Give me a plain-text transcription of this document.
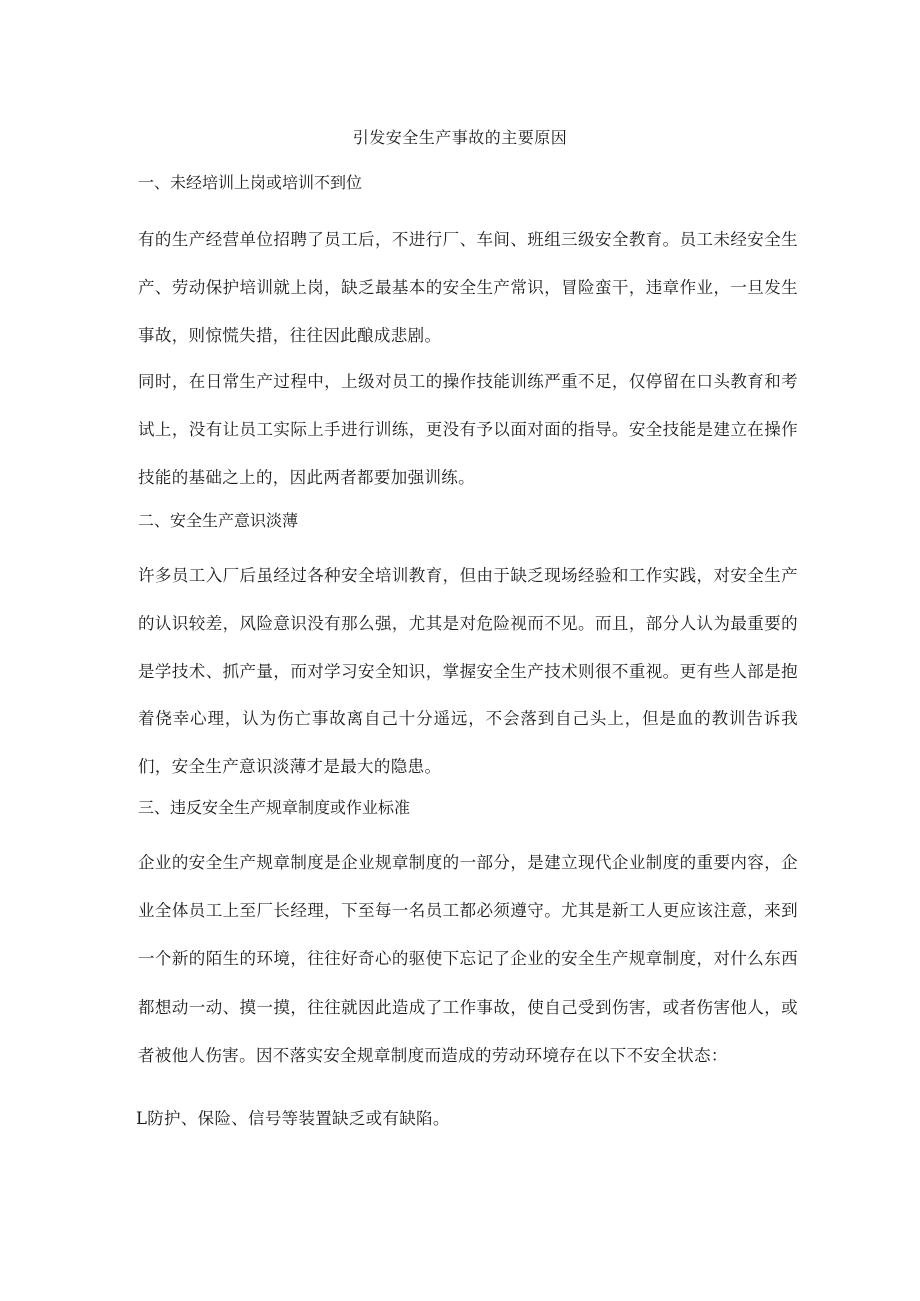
引发安全生产事故的主要原因
一、未经培训上岗或培训不到位
有的生产经营单位招聘了员工后，不进行厂、车间、班组三级安全教育。员工未经安全生产、劳动保护培训就上岗，缺乏最基本的安全生产常识，冒险蛮干，违章作业，一旦发生事故，则惊慌失措，往往因此酿成悲剧。
同时，在日常生产过程中，上级对员工的操作技能训练严重不足，仅停留在口头教育和考试上，没有让员工实际上手进行训练，更没有予以面对面的指导。安全技能是建立在操作技能的基础之上的，因此两者都要加强训练。
二、安全生产意识淡薄
许多员工入厂后虽经过各种安全培训教育，但由于缺乏现场经验和工作实践，对安全生产的认识较差，风险意识没有那么强，尤其是对危险视而不见。而且，部分人认为最重要的是学技术、抓产量，而对学习安全知识，掌握安全生产技术则很不重视。更有些人部是抱着侥幸心理，认为伤亡事故离自己十分遥远，不会落到自己头上，但是血的教训告诉我们，安全生产意识淡薄才是最大的隐患。
三、违反安全生产规章制度或作业标准
企业的安全生产规章制度是企业规章制度的一部分，是建立现代企业制度的重要内容，企业全体员工上至厂长经理，下至每一名员工都必须遵守。尤其是新工人更应该注意，来到一个新的陌生的环境，往往好奇心的驱使下忘记了企业的安全生产规章制度，对什么东西都想动一动、摸一摸，往往就因此造成了工作事故，使自己受到伤害，或者伤害他人，或者被他人伤害。因不落实安全规章制度而造成的劳动环境存在以下不安全状态：
L防护、保险、信号等装置缺乏或有缺陷。
